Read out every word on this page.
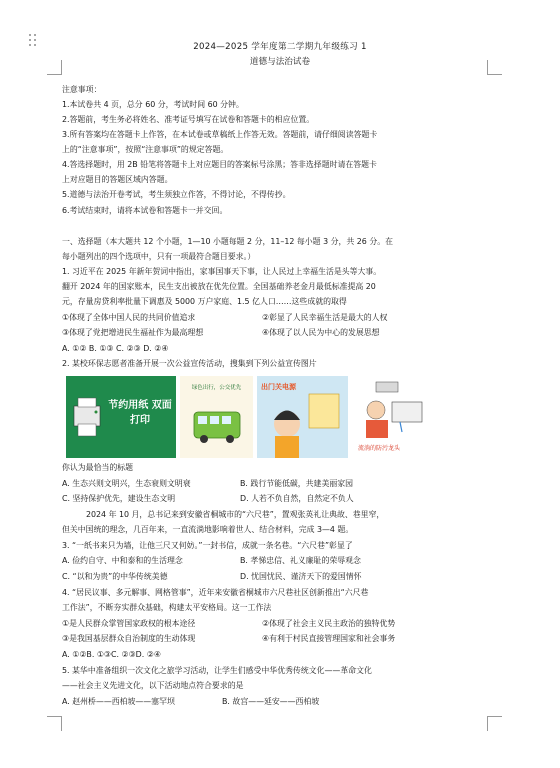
2024—2025 学年度第二学期九年级练习 1
道德与法治试卷
注意事项：
1.本试卷共 4 页，总分 60 分，考试时间 60 分钟。
2.答题前，考生务必将姓名、准考证号填写在试卷和答题卡的相应位置。
3.所有答案均在答题卡上作答，在本试卷或草稿纸上作答无效。答题前，请仔细阅读答题卡
上的“注意事项”，按照“注意事项”的规定答题。
4.答选择题时，用 2B 铅笔将答题卡上对应题目的答案标号涂黑；答非选择题时请在答题卡
上对应题目的答题区域内答题。
5.道德与法治开卷考试，考生须独立作答，不得讨论，不得传抄。
6.考试结束时，请将本试卷和答题卡一并交回。
一、选择题（本大题共 12 个小题，1—10 小题每题 2 分，11–12 每小题 3 分，共 26 分。在
每小题列出的四个选项中，只有一项最符合题目要求。）
1. 习近平在 2025 年新年贺词中指出，家事国事天下事，让人民过上幸福生活是头等大事。
翻开 2024 年的国家账本，民生支出被放在优先位置。全国基础养老金月最低标准提高 20
元，存量房贷利率批量下调惠及 5000 万户家庭、1.5 亿人口……这些成就的取得
①体现了全体中国人民的共同价值追求	②彰显了人民幸福生活是最大的人权
③体现了党把增进民生福祉作为最高理想	④体现了以人民为中心的发展思想
A. ①② B. ①③ C. ②③ D. ②④
2. 某校环保志愿者准备开展一次公益宣传活动，搜集到下列公益宣传图片
节约用纸 双面打印
绿色出行，公交优先	出门关电源
流淌的防污龙头
你认为最恰当的标题
A. 生态兴则文明兴，生态衰则文明衰	B. 践行节能低碳，共建美丽家园
C. 坚持保护优先，建设生态文明	D. 人若不负自然，自然定不负人
2024 年 10 月，总书记来到安徽省桐城市的“六尺巷”，置观张英礼让典故、巷里窄，
但关中国统的理念，几百年来，一直流淌地影响着世人、结合材料，完成 3—4 题。
3. “一纸书来只为墙，让他三尺又何妨。”一封书信，成就一条名巷。“六尺巷”彰显了
A. 俭约自守、中和泰和的生活理念	B. 孝悌忠信、礼义廉耻的荣辱观念
C. “以和为贵”的中华传统美德	D. 忧国忧民、谨济天下的爱国情怀
4. “居民议事、多元解事、网格管事”，近年来安徽省桐城市六尺巷社区创新推出“六尺巷
工作法”，不断夯实群众基础，构建太平安格局。这一工作法
①是人民群众掌管国家政权的根本途径	②体现了社会主义民主政治的独特优势
③是我国基层群众自治制度的生动体现	④有利于村民直接管理国家和社会事务
A. ①②B. ①③C. ②③D. ②④
5. 某华中准备组织一次文化之旅学习活动，让学生们感受中华优秀传统文化——革命文化
——社会主义先进文化，以下活动地点符合要求的是
A. 赵州桥——西柏坡——塞罕坝	B. 故宫——延安——西柏坡
